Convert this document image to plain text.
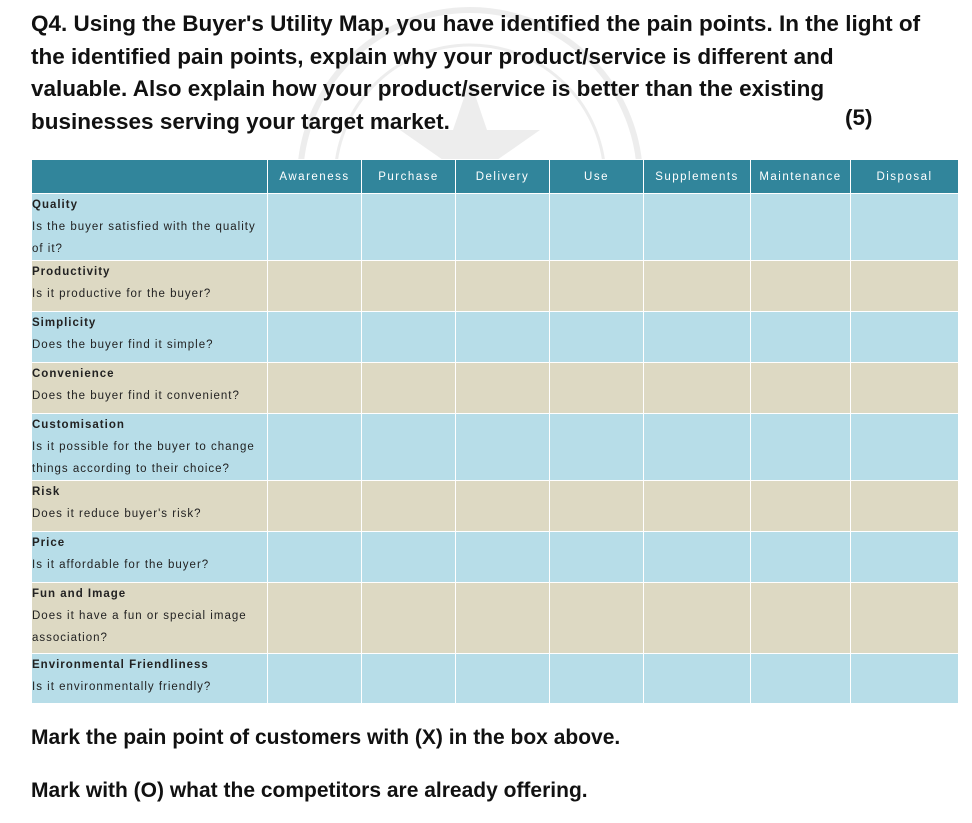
Q4. Using the Buyer's Utility Map, you have identified the pain points. In the light of the identified pain points, explain why your product/service is different and valuable. Also explain how your product/service is better than the existing businesses serving your target market.	(5)
	Awareness	Purchase	Delivery	Use	Supplements	Maintenance	Disposal

Quality
Is the buyer satisfied with the quality of it?							

Productivity
Is it productive for the buyer?							

Simplicity
Does the buyer find it simple?							

Convenience
Does the buyer find it convenient?							

Customisation
Is it possible for the buyer to change things according to their choice?							

Risk
Does it reduce buyer's risk?							

Price
Is it affordable for the buyer?							

Fun and Image
Does it have a fun or special image association?							

Environmental Friendliness
Is it environmentally friendly?							

Mark the pain point of customers with (X) in the box above.
Mark with (O) what the competitors are already offering.
